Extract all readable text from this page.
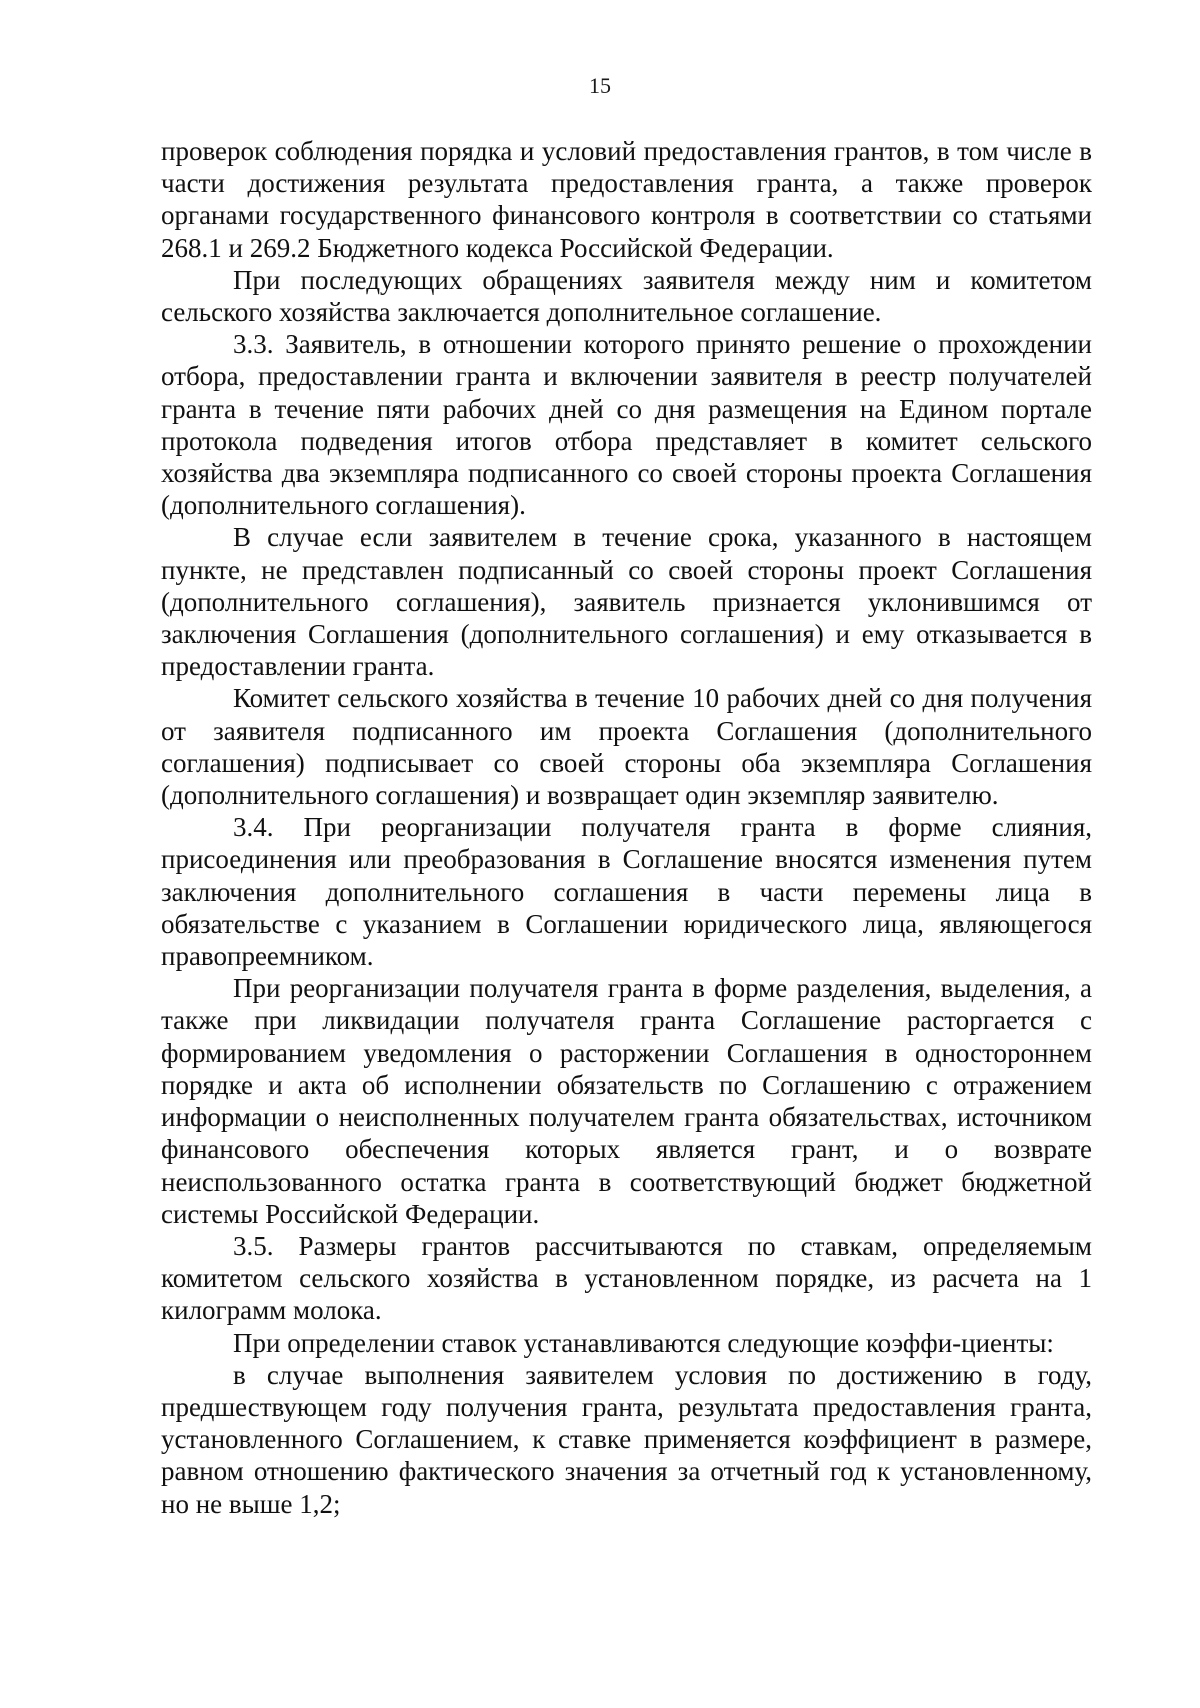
15

проверок соблюдения порядка и условий предоставления грантов, в том числе в части достижения результата предоставления гранта, а также проверок органами государственного финансового контроля в соответствии со статьями 268.1 и 269.2 Бюджетного кодекса Российской Федерации.

При последующих обращениях заявителя между ним и комитетом сельского хозяйства заключается дополнительное соглашение.

3.3. Заявитель, в отношении которого принято решение о прохождении отбора, предоставлении гранта и включении заявителя в реестр получателей гранта в течение пяти рабочих дней со дня размещения на Едином портале протокола подведения итогов отбора представляет в комитет сельского хозяйства два экземпляра подписанного со своей стороны проекта Соглашения (дополнительного соглашения).

В случае если заявителем в течение срока, указанного в настоящем пункте, не представлен подписанный со своей стороны проект Соглашения (дополнительного соглашения), заявитель признается уклонившимся от заключения Соглашения (дополнительного соглашения) и ему отказывается в предоставлении гранта.

Комитет сельского хозяйства в течение 10 рабочих дней со дня получения от заявителя подписанного им проекта Соглашения (дополнительного соглашения) подписывает со своей стороны оба экземпляра Соглашения (дополнительного соглашения) и возвращает один экземпляр заявителю.

3.4. При реорганизации получателя гранта в форме слияния, присоединения или преобразования в Соглашение вносятся изменения путем заключения дополнительного соглашения в части перемены лица в обязательстве с указанием в Соглашении юридического лица, являющегося правопреемником.

При реорганизации получателя гранта в форме разделения, выделения, а также при ликвидации получателя гранта Соглашение расторгается с формированием уведомления о расторжении Соглашения в одностороннем порядке и акта об исполнении обязательств по Соглашению с отражением информации о неисполненных получателем гранта обязательствах, источником финансового обеспечения которых является грант, и о возврате неиспользованного остатка гранта в соответствующий бюджет бюджетной системы Российской Федерации.

3.5. Размеры грантов рассчитываются по ставкам, определяемым комитетом сельского хозяйства в установленном порядке, из расчета на 1 килограмм молока.

При определении ставок устанавливаются следующие коэффи-циенты:

в случае выполнения заявителем условия по достижению в году, предшествующем году получения гранта, результата предоставления гранта, установленного Соглашением, к ставке применяется коэффициент в размере, равном отношению фактического значения за отчетный год к установленному, но не выше 1,2;
